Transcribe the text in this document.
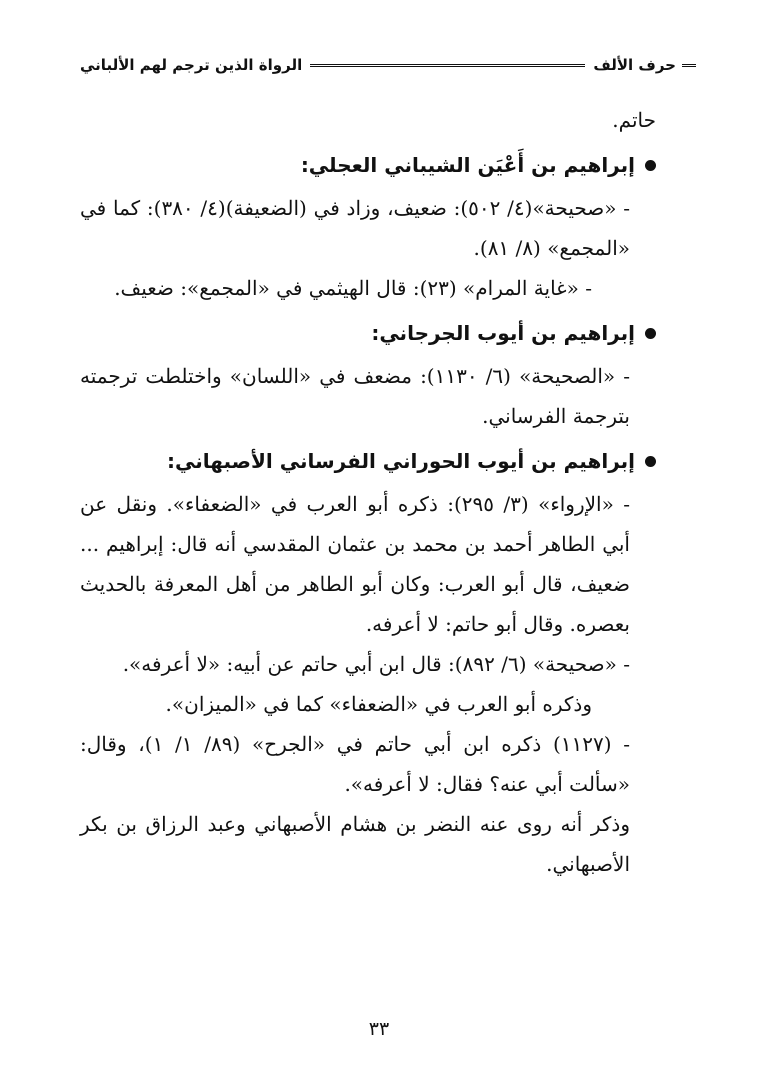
حرف الألف
الرواة الذين ترجم لهم الألباني

حاتم.

إبراهيم بن أَعْيَن الشيباني العجلي:

- «صحيحة»(٤/ ٥٠٢): ضعيف، وزاد في (الضعيفة)(٤/ ٣٨٠): كما في «المجمع» (٨/ ٨١).

- «غاية المرام» (٢٣): قال الهيثمي في «المجمع»: ضعيف.

إبراهيم بن أيوب الجرجاني:

- «الصحيحة» (٦/ ١١٣٠): مضعف في «اللسان» واختلطت ترجمته بترجمة الفرساني.

إبراهيم بن أيوب الحوراني الفرساني الأصبهاني:

- «الإرواء» (٣/ ٢٩٥): ذكره أبو العرب في «الضعفاء». ونقل عن أبي الطاهر أحمد بن محمد بن عثمان المقدسي أنه قال: إبراهيم ... ضعيف، قال أبو العرب: وكان أبو الطاهر من أهل المعرفة بالحديث بعصره. وقال أبو حاتم: لا أعرفه.

- «صحيحة» (٦/ ٨٩٢): قال ابن أبي حاتم عن أبيه: «لا أعرفه».

وذكره أبو العرب في «الضعفاء» كما في «الميزان».

- (١١٢٧) ذكره ابن أبي حاتم في «الجرح» (٨٩/ ١/ ١)، وقال: «سألت أبي عنه؟ فقال: لا أعرفه».

وذكر أنه روى عنه النضر بن هشام الأصبهاني وعبد الرزاق بن بكر الأصبهاني.

٣٣
